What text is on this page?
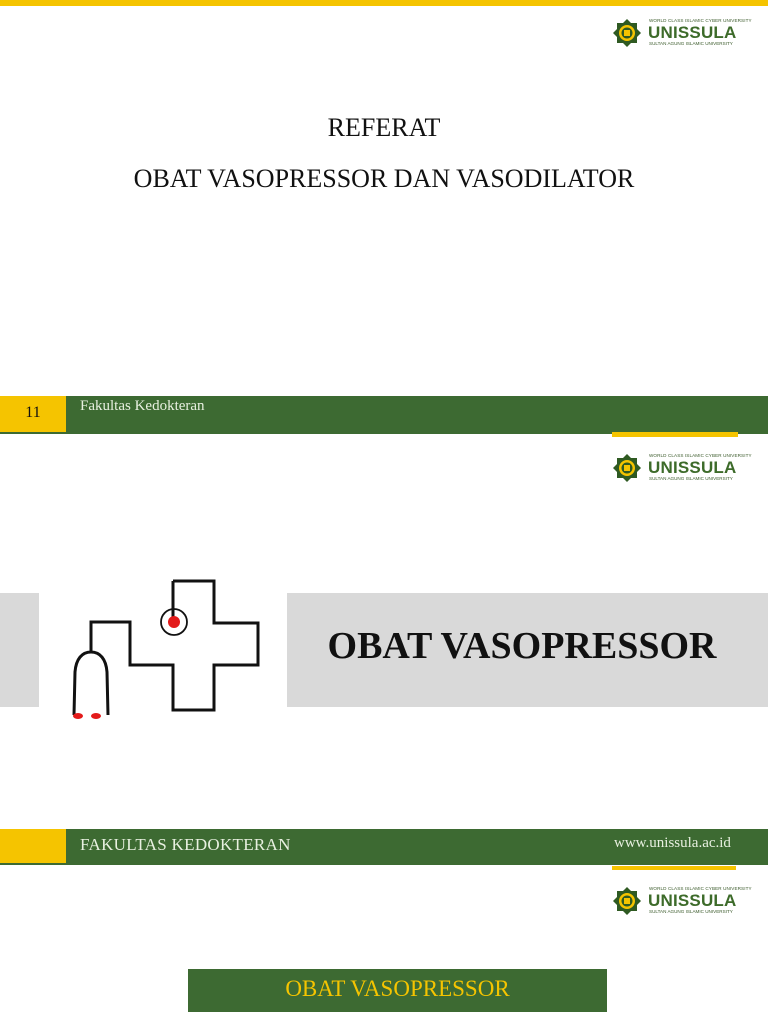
WORLD CLASS ISLAMIC CYBER UNIVERSITY
UNISSULA
SULTAN AGUNG ISLAMIC UNIVERSITY
REFERAT
OBAT VASOPRESSOR DAN VASODILATOR
11	Fakultas Kedokteran
WORLD CLASS ISLAMIC CYBER UNIVERSITY
UNISSULA
SULTAN AGUNG ISLAMIC UNIVERSITY
OBAT VASOPRESSOR
FAKULTAS KEDOKTERAN	www.unissula.ac.id
WORLD CLASS ISLAMIC CYBER UNIVERSITY
UNISSULA
SULTAN AGUNG ISLAMIC UNIVERSITY
OBAT VASOPRESSOR
